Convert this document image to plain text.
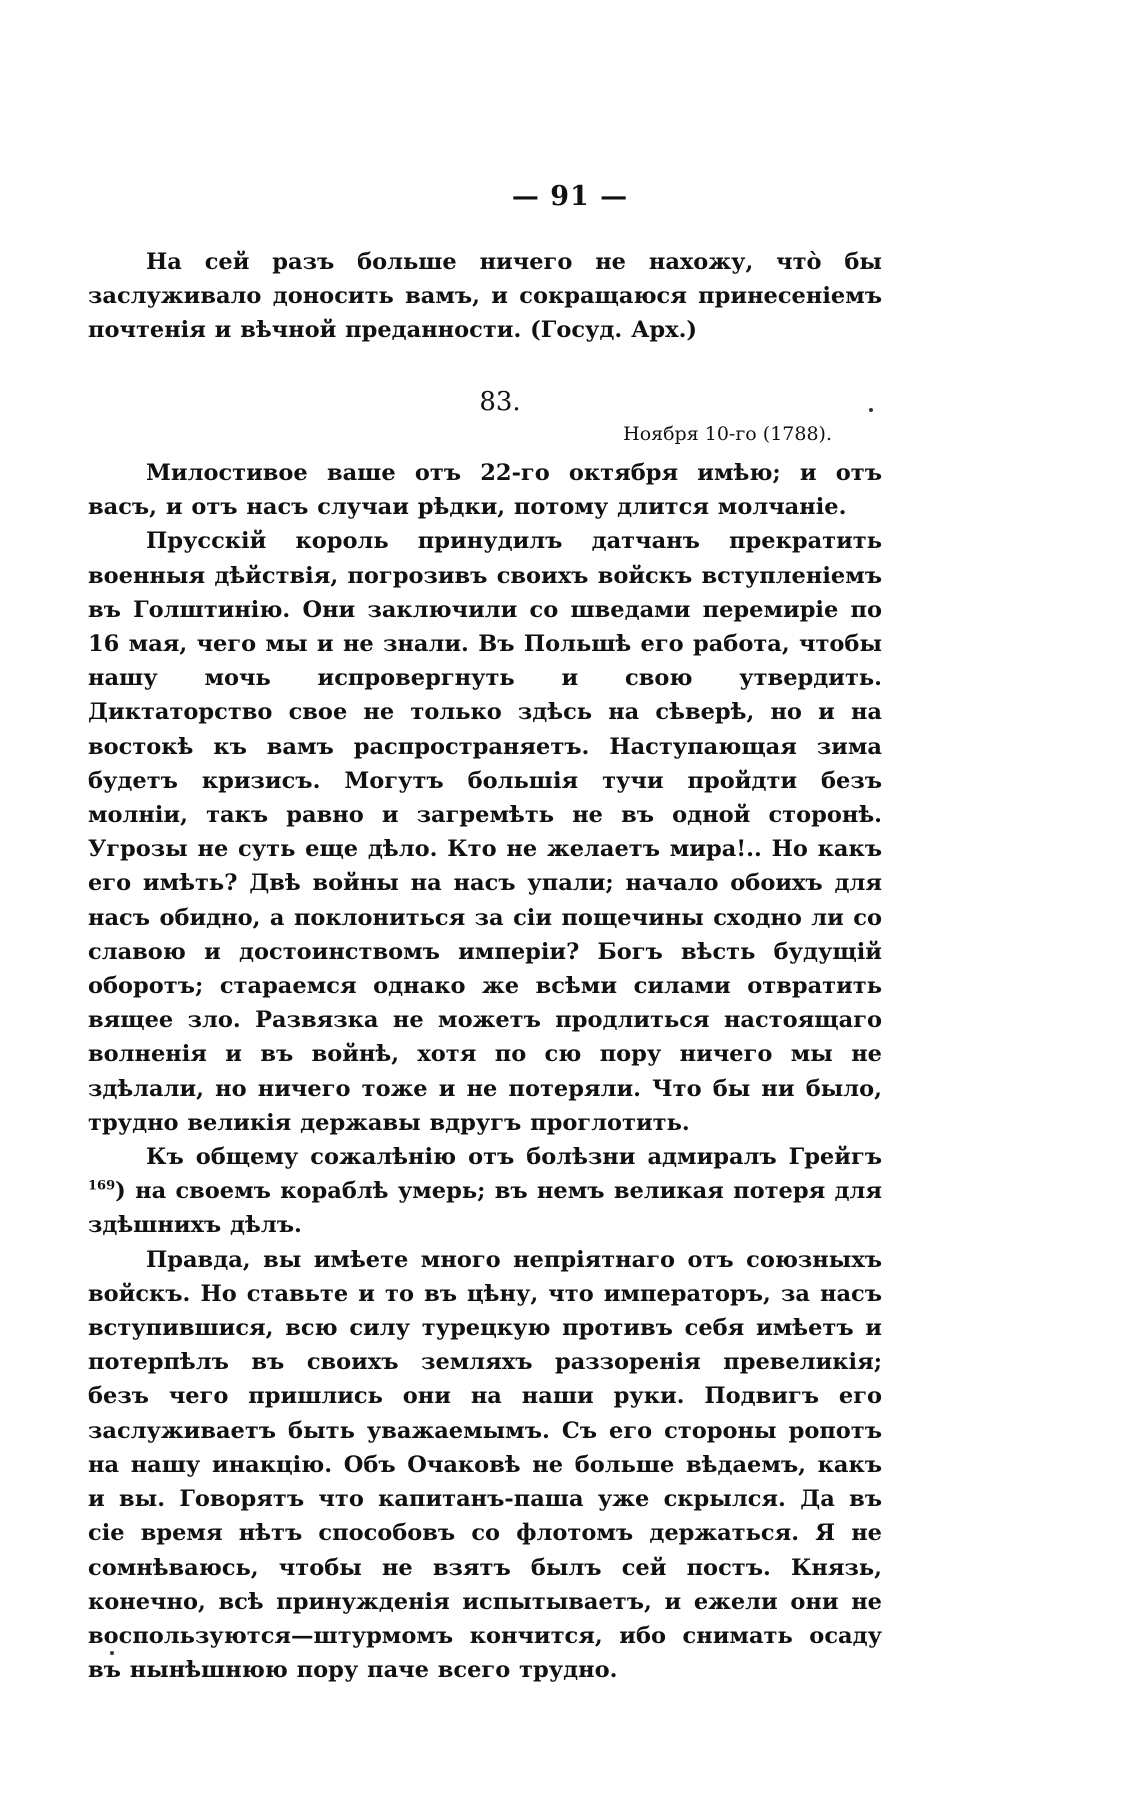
— 91 —

На сей разъ больше ничего не нахожу, чтò бы заслуживало доносить вамъ, и сокращаюся принесеніемъ почтенія и вѣчной преданности. (Госуд. Арх.)

83.
Ноября 10-го (1788).

Милостивое ваше отъ 22-го октября имѣю; и отъ васъ, и отъ насъ случаи рѣдки, потому длится молчаніе.

Прусскій король принудилъ датчанъ прекратить военныя дѣйствія, погрозивъ своихъ войскъ вступленіемъ въ Голштинію. Они заключили со шведами перемиріе по 16 мая, чего мы и не знали. Въ Польшѣ его работа, чтобы нашу мочь испровергнуть и свою утвердить. Диктаторство свое не только здѣсь на сѣверѣ, но и на востокѣ къ вамъ распространяетъ. Наступающая зима будетъ кризисъ. Могутъ большія тучи пройдти безъ молніи, такъ равно и загремѣть не въ одной сторонѣ. Угрозы не суть еще дѣло. Кто не желаетъ мира!.. Но какъ его имѣть? Двѣ войны на насъ упали; начало обоихъ для насъ обидно, а поклониться за сіи пощечины сходно ли со славою и достоинствомъ имперіи? Богъ вѣсть будущій оборотъ; стараемся однако же всѣми силами отвратить вящее зло. Развязка не можетъ продлиться настоящаго волненія и въ войнѣ, хотя по сю пору ничего мы не здѣлали, но ничего тоже и не потеряли. Что бы ни было, трудно великія державы вдругъ проглотить.

Къ общему сожалѣнію отъ болѣзни адмиралъ Грейгъ $^{169}$) на своемъ кораблѣ умерь; въ немъ великая потеря для здѣшнихъ дѣлъ.

Правда, вы имѣете много непріятнаго отъ союзныхъ войскъ. Но ставьте и то въ цѣну, что императоръ, за насъ вступившися, всю силу турецкую противъ себя имѣетъ и потерпѣлъ въ своихъ земляхъ раззоренія превеликія; безъ чего пришлись они на наши руки. Подвигъ его заслуживаетъ быть уважаемымъ. Съ его стороны ропотъ на нашу инакцію. Объ Очаковѣ не больше вѣдаемъ, какъ и вы. Говорятъ что капитанъ-паша уже скрылся. Да въ сіе время нѣтъ способовъ со флотомъ держаться. Я не сомнѣваюсь, чтобы не взятъ былъ сей постъ. Князь, конечно, всѣ принужденія испытываетъ, и ежели они не воспользуются—штурмомъ кончится, ибо снимать осаду въ нынѣшнюю пору паче всего трудно.
